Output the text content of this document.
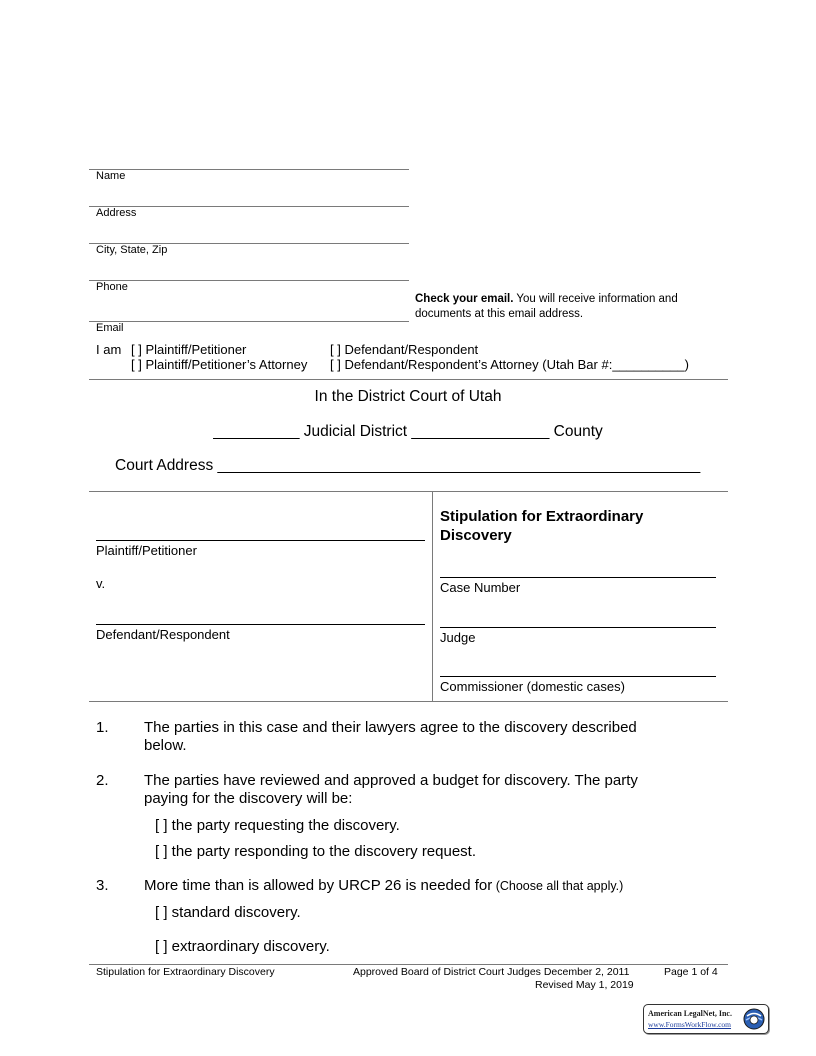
Name
Address
City, State, Zip
Phone
Check your email. You will receive information and
documents at this email address.
Email
I am [ ] Plaintiff/Petitioner	[ ] Defendant/Respondent
[ ] Plaintiff/Petitioner’s Attorney [ ] Defendant/Respondent’s Attorney (Utah Bar #:__________)
In the District Court of Utah
__________ Judicial District ________________ County
Court Address ________________________________________________________
Plaintiff/Petitioner
v.
Defendant/Respondent
Stipulation for Extraordinary
Discovery
Case Number
Judge
Commissioner (domestic cases)
1. The parties in this case and their lawyers agree to the discovery described
below.
2. The parties have reviewed and approved a budget for discovery. The party
paying for the discovery will be:
[ ] the party requesting the discovery.
[ ] the party responding to the discovery request.
3. More time than is allowed by URCP 26 is needed for (Choose all that apply.)
[ ] standard discovery.
[ ] extraordinary discovery.
Stipulation for Extraordinary Discovery	Approved Board of District Court Judges December 2, 2011
Revised May 1, 2019
Page 1 of 4
American LegalNet, Inc.
www.FormsWorkFlow.com
